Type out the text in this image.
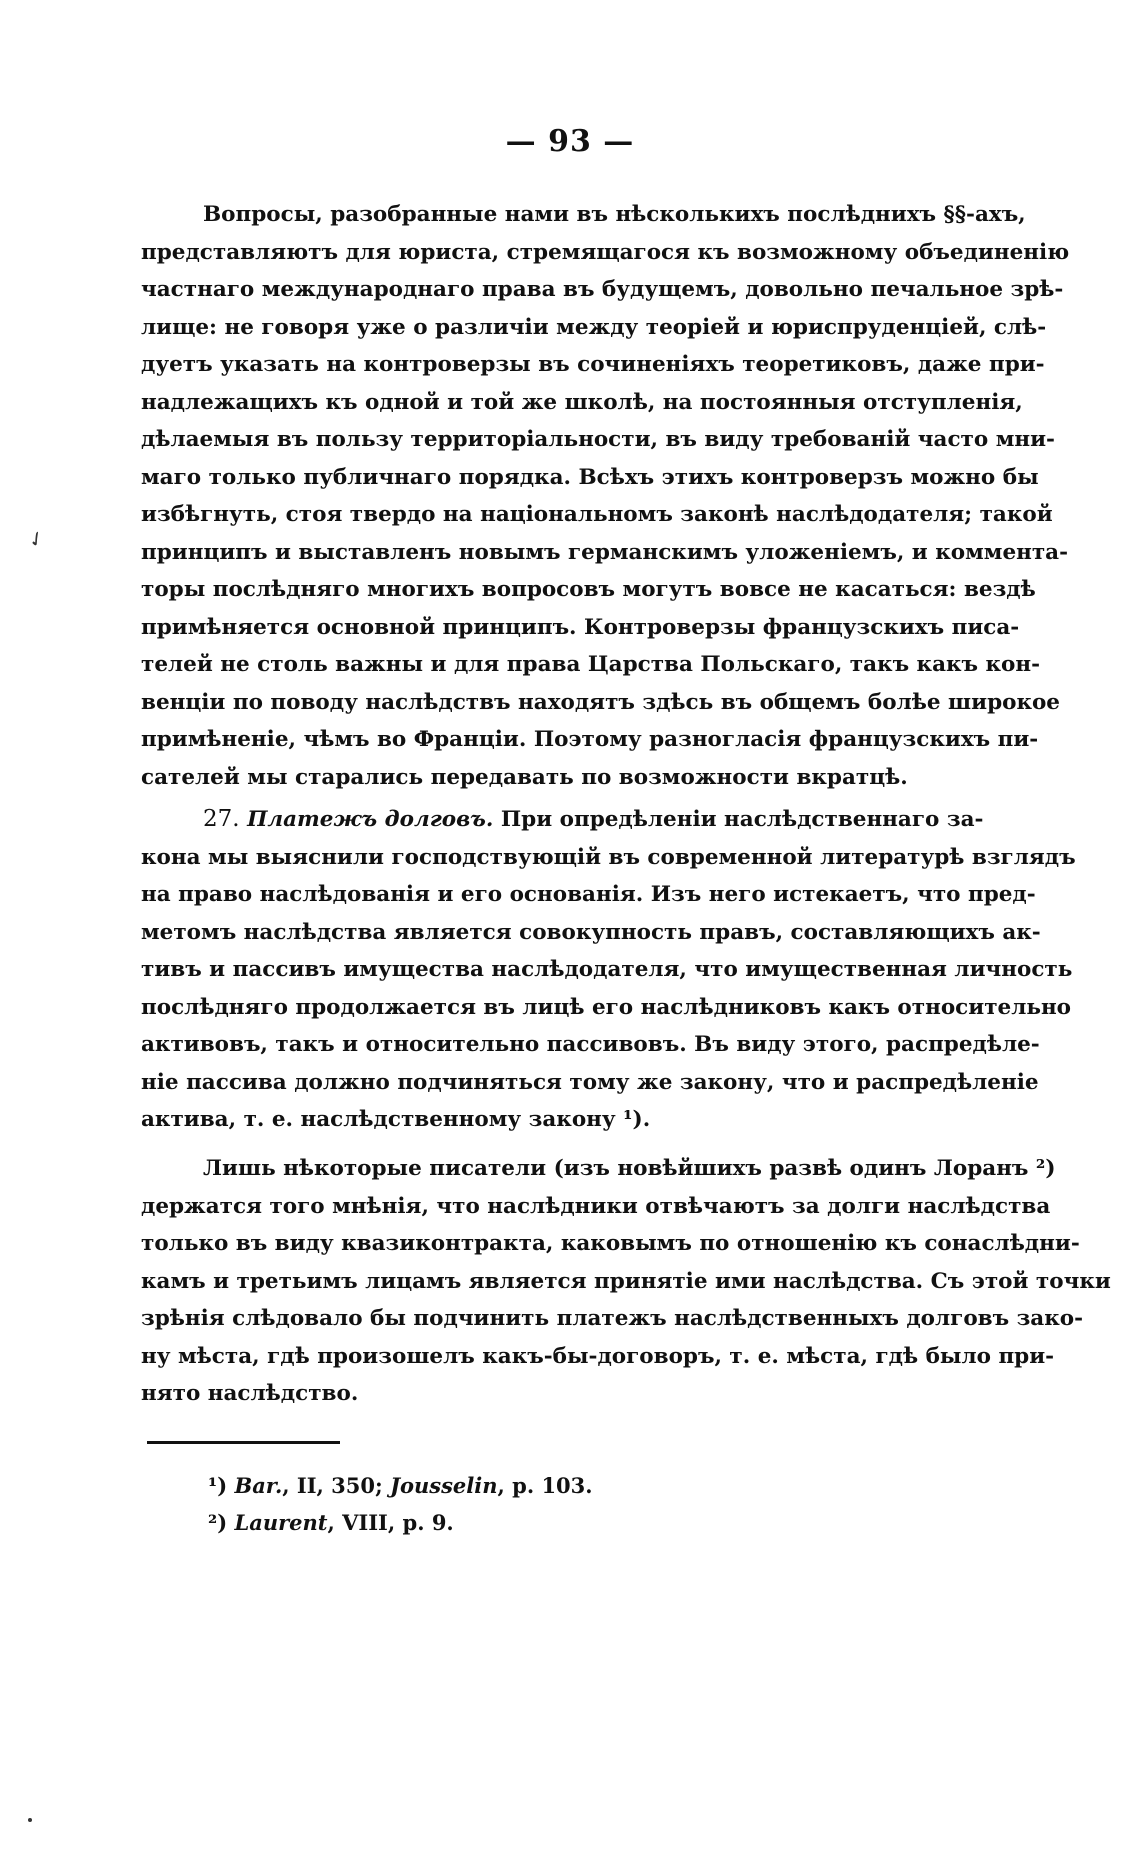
— 93 —
✓
Вопросы, разобранные нами въ нѣсколькихъ послѣднихъ §§-ахъ,
представляютъ для юриста, стремящагося къ возможному объединенію
частнаго международнаго права въ будущемъ, довольно печальное зрѣ-
лище: не говоря уже о различіи между теоріей и юриспруденціей, слѣ-
дуетъ указать на контроверзы въ сочиненіяхъ теоретиковъ, даже при-
надлежащихъ къ одной и той же школѣ, на постоянныя отступленія,
дѣлаемыя въ пользу территоріальности, въ виду требованій часто мни-
маго только публичнаго порядка. Всѣхъ этихъ контроверзъ можно бы
избѣгнуть, стоя твердо на національномъ законѣ наслѣдодателя; такой
принципъ и выставленъ новымъ германскимъ уложеніемъ, и коммента-
торы послѣдняго многихъ вопросовъ могутъ вовсе не касаться: вездѣ
примѣняется основной принципъ. Контроверзы французскихъ писа-
телей не столь важны и для права Царства Польскаго, такъ какъ кон-
венціи по поводу наслѣдствъ находятъ здѣсь въ общемъ болѣе широкое
примѣненіе, чѣмъ во Франціи. Поэтому разногласія французскихъ пи-
сателей мы старались передавать по возможности вкратцѣ.
27. Платежъ долговъ. При опредѣленіи наслѣдственнаго за-
кона мы выяснили господствующій въ современной литературѣ взглядъ
на право наслѣдованія и его основанія. Изъ него истекаетъ, что пред-
метомъ наслѣдства является совокупность правъ, составляющихъ ак-
тивъ и пассивъ имущества наслѣдодателя, что имущественная личность
послѣдняго продолжается въ лицѣ его наслѣдниковъ какъ относительно
активовъ, такъ и относительно пассивовъ. Въ виду этого, распредѣле-
ніе пассива должно подчиняться тому же закону, что и распредѣленіе
актива, т. е. наслѣдственному закону ¹).
Лишь нѣкоторые писатели (изъ новѣйшихъ развѣ одинъ Лоранъ ²)
держатся того мнѣнія, что наслѣдники отвѣчаютъ за долги наслѣдства
только въ виду квазиконтракта, каковымъ по отношенію къ сонаслѣдни-
камъ и третьимъ лицамъ является принятіе ими наслѣдства. Съ этой точки
зрѣнія слѣдовало бы подчинить платежъ наслѣдственныхъ долговъ зако-
ну мѣста, гдѣ произошелъ какъ-бы-договоръ, т. е. мѣста, гдѣ было при-
нято наслѣдство.
¹) Bar., II, 350; Jousselin, p. 103.
²) Laurent, VIII, p. 9.
